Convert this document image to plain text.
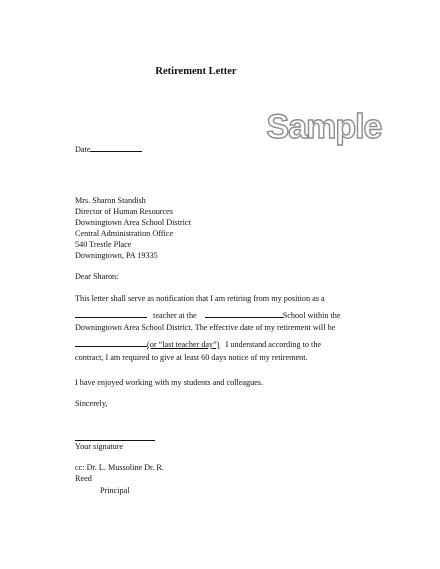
Retirement Letter
Sample
Date
Mrs. Sharon Standish
Director of Human Resources
Downingtown Area School District
Central Administration Office
540 Trestle Place
Downingtown, PA 19335
Dear Sharon:
This letter shall serve as notification that I am retiring from my position as a
teacher at the	School within the
Downingtown Area School District. The effective date of my retirement will be
(or “last teacher day”) I understand according to the
contract, I am required to give at least 60 days notice of my retirement.
I have enjoyed working with my students and colleagues.
Sincerely,
Your signature
cc: Dr. L. Mussoline Dr. R.
Reed
Principal
